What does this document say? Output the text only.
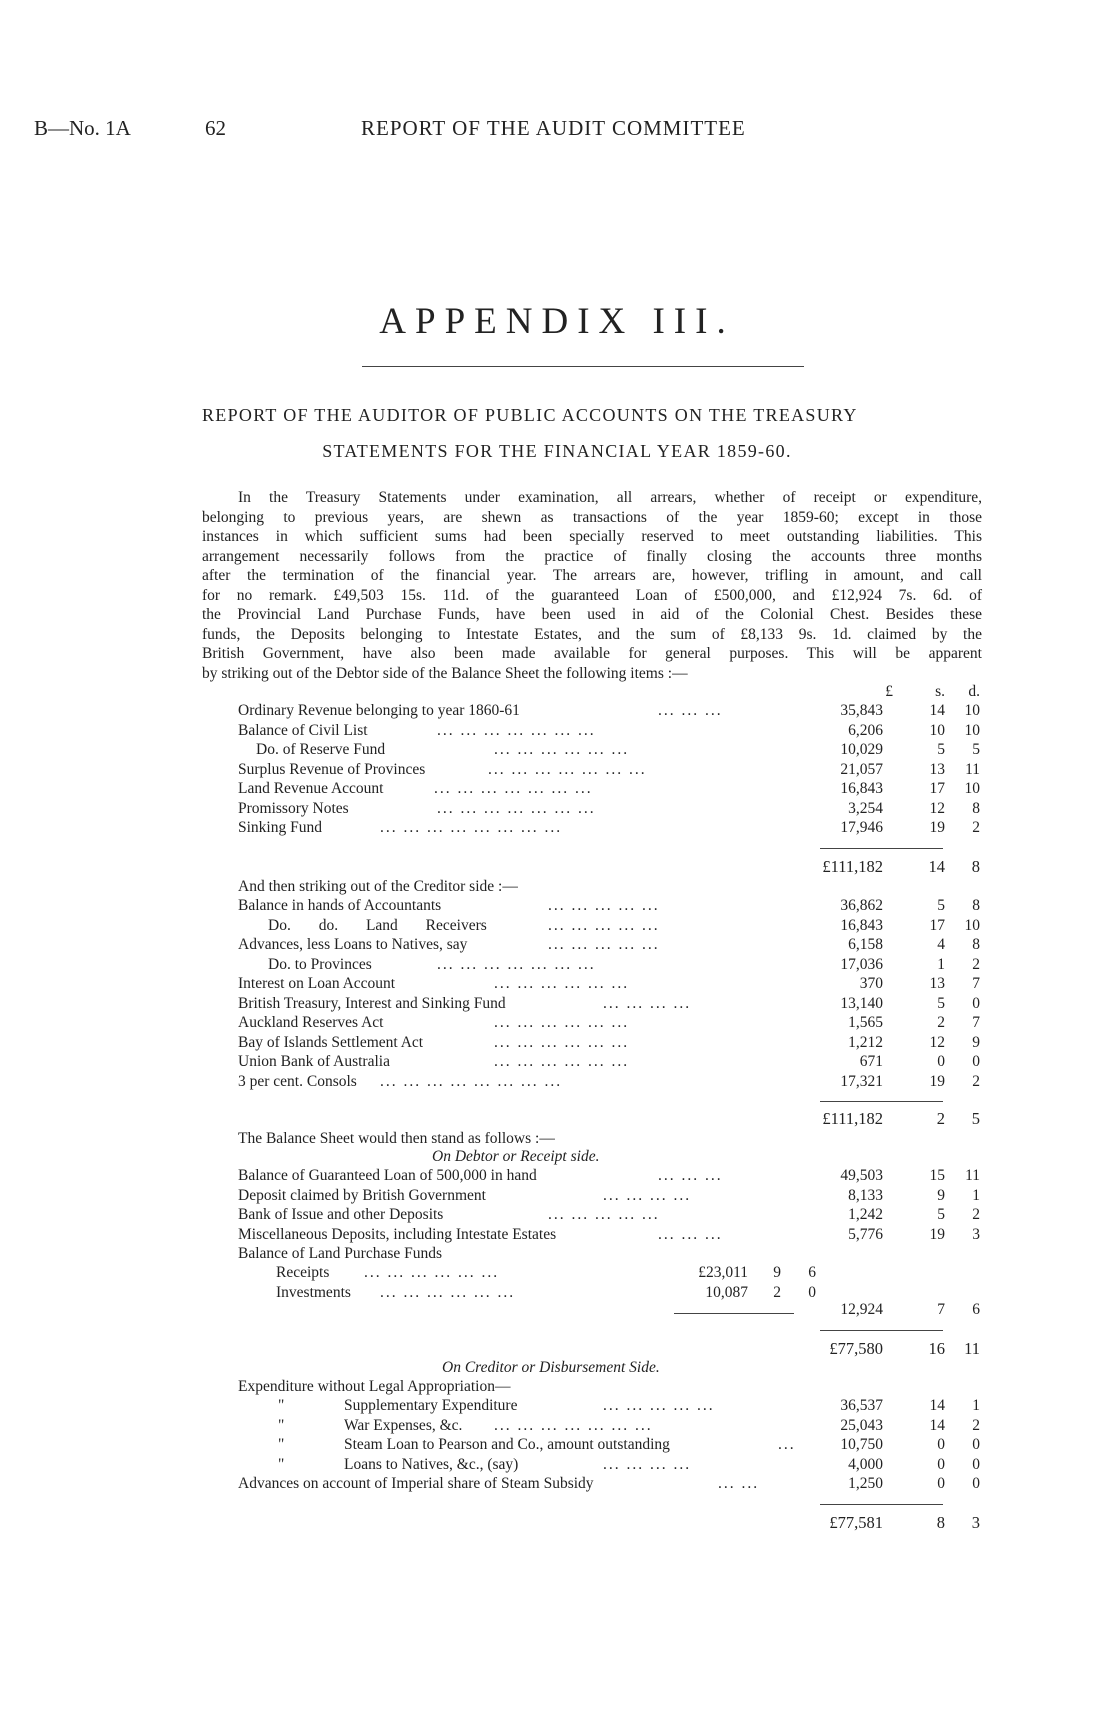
B—No. 1A	62	REPORT OF THE AUDIT COMMITTEE
APPENDIX III.
REPORT OF THE AUDITOR OF PUBLIC ACCOUNTS ON THE TREASURY
STATEMENTS FOR THE FINANCIAL YEAR 1859-60.
In the Treasury Statements under examination, all arrears, whether of receipt or expenditure,
belonging to previous years, are shewn as transactions of the year 1859-60; except in those
instances in which sufficient sums had been specially reserved to meet outstanding liabilities. This
arrangement necessarily follows from the practice of finally closing the accounts three months
after the termination of the financial year. The arrears are, however, trifling in amount, and call
for no remark. £49,503 15s. 11d. of the guaranteed Loan of £500,000, and £12,924 7s. 6d. of
the Provincial Land Purchase Funds, have been used in aid of the Colonial Chest. Besides these
funds, the Deposits belonging to Intestate Estates, and the sum of £8,133 9s. 1d. claimed by the
British Government, have also been made available for general purposes. This will be apparent
by striking out of the Debtor side of the Balance Sheet the following items :—
£	s.	d.
Ordinary Revenue belonging to year 1860-61	... ... ...	35,843	14	10
Balance of Civil List	... ... ... ... ... ... ...	6,206	10	10
Do. of Reserve Fund	... ... ... ... ... ...	10,029	5	5
Surplus Revenue of Provinces	... ... ... ... ... ... ...	21,057	13	11
Land Revenue Account	... ... ... ... ... ... ...	16,843	17	10
Promissory Notes	... ... ... ... ... ... ...	3,254	12	8
Sinking Fund	... ... ... ... ... ... ... ...	17,946	19	2
£111,182	14	8
And then striking out of the Creditor side :—
Balance in hands of Accountants	... ... ... ... ...	36,862	5	8
Do. do. Land Receivers	... ... ... ... ...	16,843	17	10
Advances, less Loans to Natives, say	... ... ... ... ...	6,158	4	8
Do. to Provinces	... ... ... ... ... ... ...	17,036	1	2
Interest on Loan Account	... ... ... ... ... ...	370	13	7
British Treasury, Interest and Sinking Fund	... ... ... ...	13,140	5	0
Auckland Reserves Act	... ... ... ... ... ...	1,565	2	7
Bay of Islands Settlement Act	... ... ... ... ... ...	1,212	12	9
Union Bank of Australia	... ... ... ... ... ...	671	0	0
3 per cent. Consols ... ... ... ... ... ... ... ...	17,321	19	2
£111,182	2	5
The Balance Sheet would then stand as follows :—
On Debtor or Receipt side.
Balance of Guaranteed Loan of 500,000 in hand	... ... ...	49,503	15	11
Deposit claimed by British Government	... ... ... ...	8,133	9	1
Bank of Issue and other Deposits	... ... ... ... ...	1,242	5	2
Miscellaneous Deposits, including Intestate Estates	... ... ...	5,776	19	3
Balance of Land Purchase Funds
Receipts ... ... ... ... ... ...	£23,011	9	6
Investments ... ... ... ... ... ...	10,087	2	0
12,924	7	6
£77,580	16	11
On Creditor or Disbursement Side.
Expenditure without Legal Appropriation—
"	Supplementary Expenditure	... ... ... ... ...	36,537	14	1
"	War Expenses, &c. ... ... ... ... ... ... ...	25,043	14	2
"	Steam Loan to Pearson and Co., amount outstanding	...	10,750	0	0
"	Loans to Natives, &c., (say)	... ... ... ...	4,000	0	0
Advances on account of Imperial share of Steam Subsidy	... ...	1,250	0	0
£77,581	8	3
